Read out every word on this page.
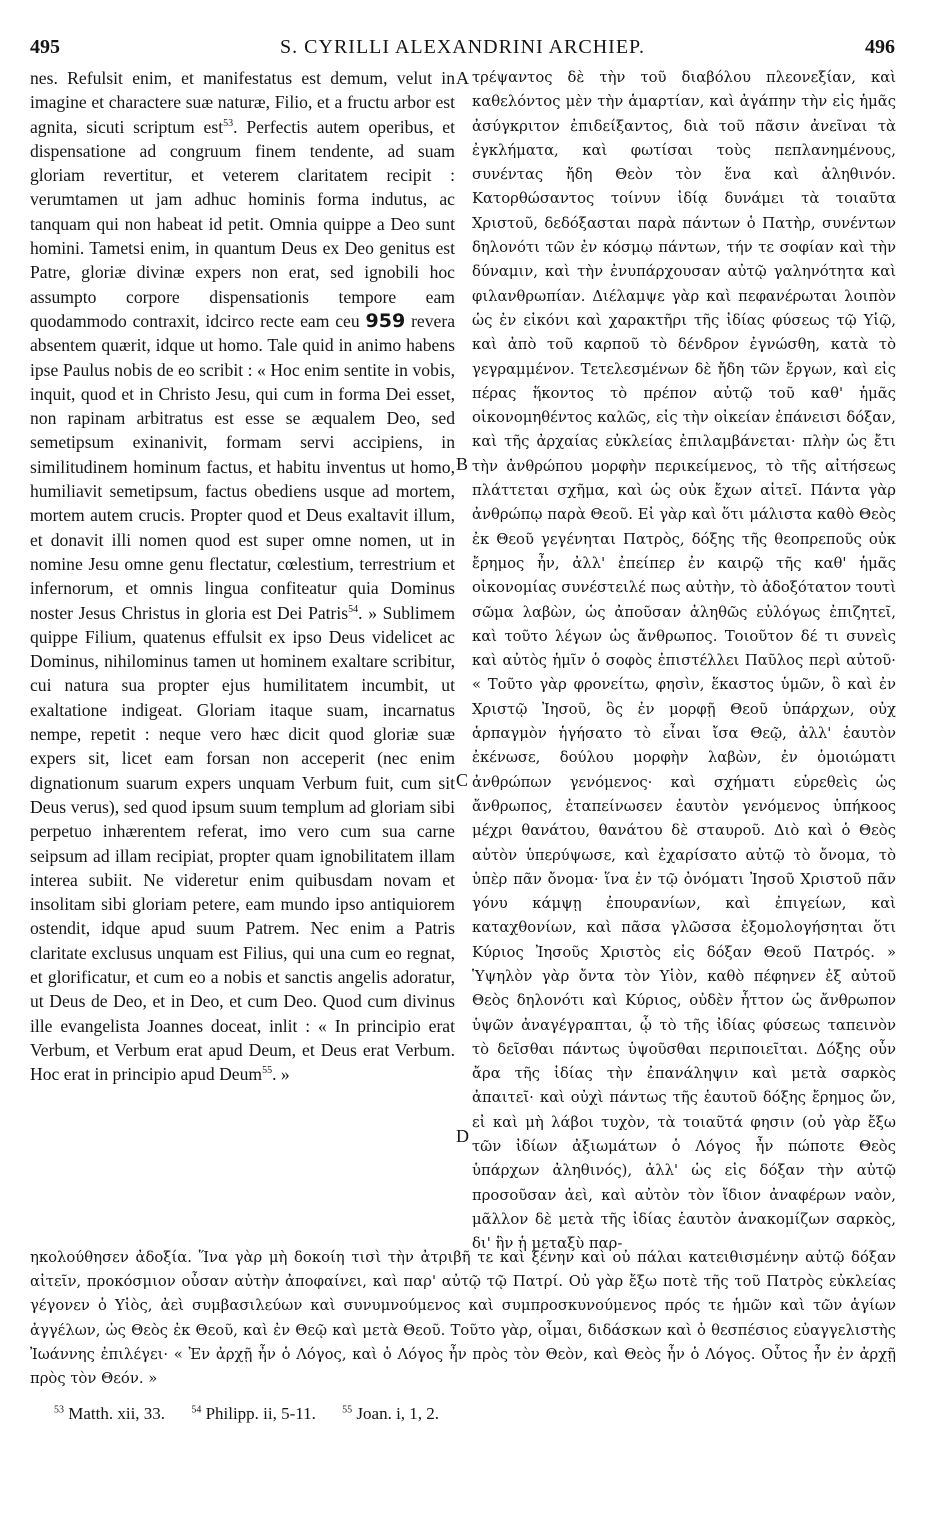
495	S. CYRILLI ALEXANDRINI ARCHIEP.	496

nes. Refulsit enim, et manifestatus est demum, velut in imagine et charactere suæ naturæ, Filio, et a fructu arbor est agnita, sicuti scriptum est$^{53}$. Perfectis autem operibus, et dispensatione ad congruum finem tendente, ad suam gloriam revertitur, et veterem claritatem recipit : verumtamen ut jam adhuc hominis forma indutus, ac tanquam qui non habeat id petit. Omnia quippe a Deo sunt homini. Tametsi enim, in quantum Deus ex Deo genitus est Patre, gloriæ divinæ expers non erat, sed ignobili hoc assumpto corpore dispensationis tempore eam quodammodo contraxit, idcirco recte eam ceu 959 revera absentem quærit, idque ut homo. Tale quid in animo habens ipse Paulus nobis de eo scribit : « Hoc enim sentite in vobis, inquit, quod et in Christo Jesu, qui cum in forma Dei esset, non rapinam arbitratus est esse se æqualem Deo, sed semetipsum exinanivit, formam servi accipiens, in similitudinem hominum factus, et habitu inventus ut homo, humiliavit semetipsum, factus obediens usque ad mortem, mortem autem crucis. Propter quod et Deus exaltavit illum, et donavit illi nomen quod est super omne nomen, ut in nomine Jesu omne genu flectatur, cœlestium, terrestrium et infernorum, et omnis lingua confiteatur quia Dominus noster Jesus Christus in gloria est Dei Patris$^{54}$. » Sublimem quippe Filium, quatenus effulsit ex ipso Deus videlicet ac Dominus, nihilominus tamen ut hominem exaltare scribitur, cui natura sua propter ejus humilitatem incumbit, ut exaltatione indigeat. Gloriam itaque suam, incarnatus nempe, repetit : neque vero hæc dicit quod gloriæ suæ expers sit, licet eam forsan non acceperit (nec enim dignationum suarum expers unquam Verbum fuit, cum sit Deus verus), sed quod ipsum suum templum ad gloriam sibi perpetuo inhærentem referat, imo vero cum sua carne seipsum ad illam recipiat, propter quam ignobilitatem illam interea subiit. Ne videretur enim quibusdam novam et insolitam sibi gloriam petere, eam mundo ipso antiquiorem ostendit, idque apud suum Patrem. Nec enim a Patris claritate exclusus unquam est Filius, qui una cum eo regnat, et glorificatur, et cum eo a nobis et sanctis angelis adoratur, ut Deus de Deo, et in Deo, et cum Deo. Quod cum divinus ille evangelista Joannes doceat, inlit : « In principio erat Verbum, et Verbum erat apud Deum, et Deus erat Verbum. Hoc erat in principio apud Deum$^{55}$. »

A
B
C
D

τρέψαντος δὲ τὴν τοῦ διαβόλου πλεονεξίαν, καὶ καθελόντος μὲν τὴν ἁμαρτίαν, καὶ ἀγάπην τὴν εἰς ἡμᾶς ἀσύγκριτον ἐπιδείξαντος, διὰ τοῦ πᾶσιν ἀνεῖναι τὰ ἐγκλήματα, καὶ φωτίσαι τοὺς πεπλανημένους, συνέντας ἤδη Θεὸν τὸν ἕνα καὶ ἀληθινόν. Κατορθώσαντος τοίνυν ἰδίᾳ δυνάμει τὰ τοιαῦτα Χριστοῦ, δεδόξασται παρὰ πάντων ὁ Πατὴρ, συνέντων δηλονότι τῶν ἐν κόσμῳ πάντων, τήν τε σοφίαν καὶ τὴν δύναμιν, καὶ τὴν ἐνυπάρχουσαν αὐτῷ γαληνότητα καὶ φιλανθρωπίαν. Διέλαμψε γὰρ καὶ πεφανέρωται λοιπὸν ὡς ἐν εἰκόνι καὶ χαρακτῆρι τῆς ἰδίας φύσεως τῷ Υἱῷ, καὶ ἀπὸ τοῦ καρποῦ τὸ δένδρον ἐγνώσθη, κατὰ τὸ γεγραμμένον. Τετελεσμένων δὲ ἤδη τῶν ἔργων, καὶ εἰς πέρας ἥκοντος τὸ πρέπον αὐτῷ τοῦ καθ' ἡμᾶς οἰκονομηθέντος καλῶς, εἰς τὴν οἰκείαν ἐπάνεισι δόξαν, καὶ τῆς ἀρχαίας εὐκλείας ἐπιλαμβάνεται· πλὴν ὡς ἔτι τὴν ἀνθρώπου μορφὴν περικείμενος, τὸ τῆς αἰτήσεως πλάττεται σχῆμα, καὶ ὡς οὐκ ἔχων αἰτεῖ. Πάντα γὰρ ἀνθρώπῳ παρὰ Θεοῦ. Εἰ γὰρ καὶ ὅτι μάλιστα καθὸ Θεὸς ἐκ Θεοῦ γεγένηται Πατρὸς, δόξης τῆς θεοπρεποῦς οὐκ ἔρημος ἦν, ἀλλ' ἐπείπερ ἐν καιρῷ τῆς καθ' ἡμᾶς οἰκονομίας συνέστειλέ πως αὐτὴν, τὸ ἀδοξότατον τουτὶ σῶμα λαβὼν, ὡς ἀποῦσαν ἀληθῶς εὐλόγως ἐπιζητεῖ, καὶ τοῦτο λέγων ὡς ἄνθρωπος. Τοιοῦτον δέ τι συνεὶς καὶ αὐτὸς ἡμῖν ὁ σοφὸς ἐπιστέλλει Παῦλος περὶ αὐτοῦ· « Τοῦτο γὰρ φρονείτω, φησὶν, ἕκαστος ὑμῶν, ὃ καὶ ἐν Χριστῷ Ἰησοῦ, ὃς ἐν μορφῇ Θεοῦ ὑπάρχων, οὐχ ἁρπαγμὸν ἡγήσατο τὸ εἶναι ἴσα Θεῷ, ἀλλ' ἑαυτὸν ἐκένωσε, δούλου μορφὴν λαβὼν, ἐν ὁμοιώματι ἀνθρώπων γενόμενος· καὶ σχήματι εὑρεθεὶς ὡς ἄνθρωπος, ἐταπείνωσεν ἑαυτὸν γενόμενος ὑπήκοος μέχρι θανάτου, θανάτου δὲ σταυροῦ. Διὸ καὶ ὁ Θεὸς αὐτὸν ὑπερύψωσε, καὶ ἐχαρίσατο αὐτῷ τὸ ὄνομα, τὸ ὑπὲρ πᾶν ὄνομα· ἵνα ἐν τῷ ὀνόματι Ἰησοῦ Χριστοῦ πᾶν γόνυ κάμψῃ ἐπουρανίων, καὶ ἐπιγείων, καὶ καταχθονίων, καὶ πᾶσα γλῶσσα ἐξομολογήσηται ὅτι Κύριος Ἰησοῦς Χριστὸς εἰς δόξαν Θεοῦ Πατρός. » Ὑψηλὸν γὰρ ὄντα τὸν Υἱὸν, καθὸ πέφηνεν ἐξ αὐτοῦ Θεὸς δηλονότι καὶ Κύριος, οὐδὲν ἧττον ὡς ἄνθρωπον ὑψῶν ἀναγέγραπται, ᾧ τὸ τῆς ἰδίας φύσεως ταπεινὸν τὸ δεῖσθαι πάντως ὑψοῦσθαι περιποιεῖται. Δόξης οὖν ἄρα τῆς ἰδίας τὴν ἐπανάληψιν καὶ μετὰ σαρκὸς ἀπαιτεῖ· καὶ οὐχὶ πάντως τῆς ἑαυτοῦ δόξης ἔρημος ὤν, εἰ καὶ μὴ λάβοι τυχὸν, τὰ τοιαῦτά φησιν (οὐ γὰρ ἔξω τῶν ἰδίων ἀξιωμάτων ὁ Λόγος ἦν πώποτε Θεὸς ὑπάρχων ἀληθινός), ἀλλ' ὡς εἰς δόξαν τὴν αὐτῷ προσοῦσαν ἀεὶ, καὶ αὐτὸν τὸν ἴδιον ἀναφέρων ναὸν, μᾶλλον δὲ μετὰ τῆς ἰδίας ἑαυτὸν ἀνακομίζων σαρκὸς, δι' ἣν ἡ μεταξὺ παρ-

ηκολούθησεν ἀδοξία. Ἵνα γὰρ μὴ δοκοίη τισὶ τὴν ἀτριβῆ τε καὶ ξένην καὶ οὐ πάλαι κατειθισμένην αὐτῷ δόξαν αἰτεῖν, προκόσμιον οὖσαν αὐτὴν ἀποφαίνει, καὶ παρ' αὐτῷ τῷ Πατρί. Οὐ γὰρ ἔξω ποτὲ τῆς τοῦ Πατρὸς εὐκλείας γέγονεν ὁ Υἱὸς, ἀεὶ συμβασιλεύων καὶ συνυμνούμενος καὶ συμπροσκυνούμενος πρός τε ἡμῶν καὶ τῶν ἁγίων ἀγγέλων, ὡς Θεὸς ἐκ Θεοῦ, καὶ ἐν Θεῷ καὶ μετὰ Θεοῦ. Τοῦτο γὰρ, οἶμαι, διδάσκων καὶ ὁ θεσπέσιος εὐαγγελιστὴς Ἰωάννης ἐπιλέγει· « Ἐν ἀρχῇ ἦν ὁ Λόγος, καὶ ὁ Λόγος ἦν πρὸς τὸν Θεὸν, καὶ Θεὸς ἦν ὁ Λόγος. Οὗτος ἦν ἐν ἀρχῇ πρὸς τὸν Θεόν. »

$^{53}$ Matth. xii, 33.	$^{54}$ Philipp. ii, 5-11.	$^{55}$ Joan. i, 1, 2.
